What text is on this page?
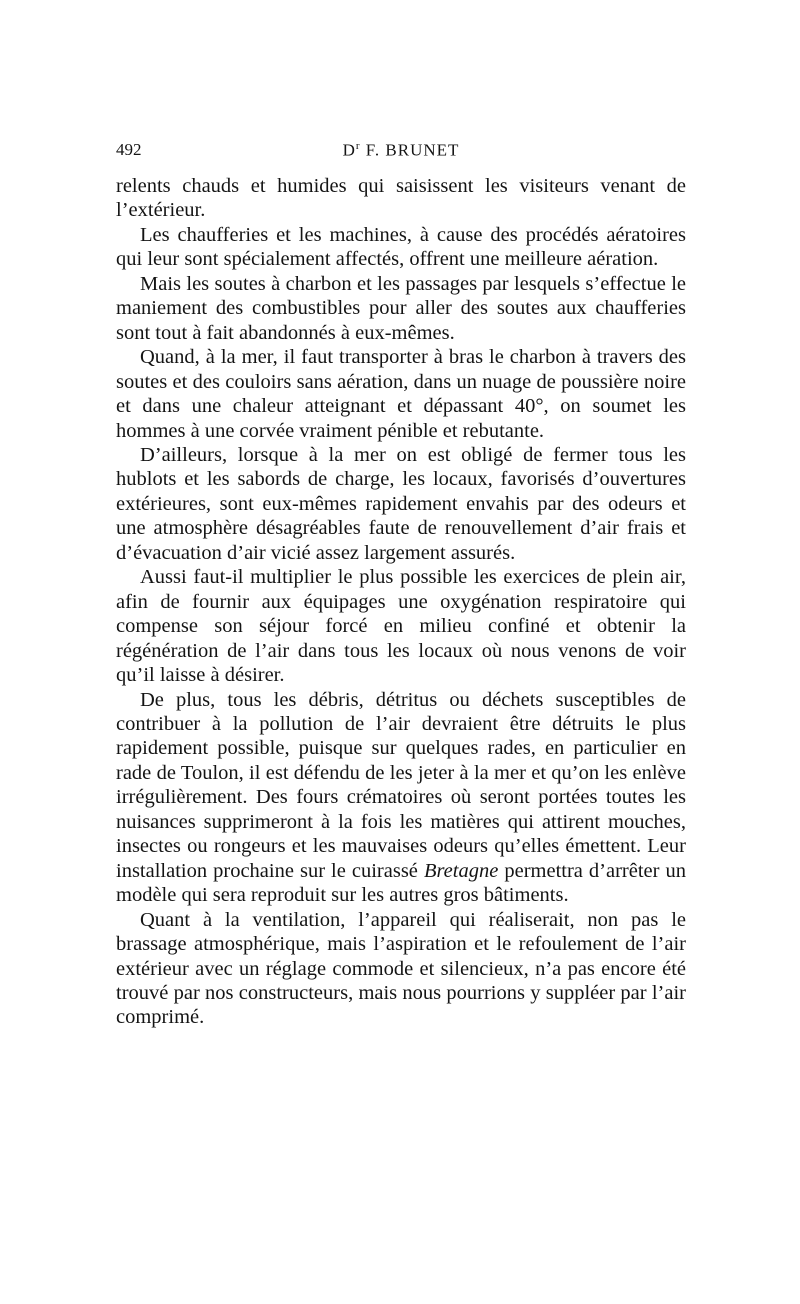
492	$D^r$ F. BRUNET

relents chauds et humides qui saisissent les visiteurs venant de l’extérieur.

Les chaufferies et les machines, à cause des procédés aératoires qui leur sont spécialement affectés, offrent une meilleure aération.

Mais les soutes à charbon et les passages par lesquels s’effectue le maniement des combustibles pour aller des soutes aux chaufferies sont tout à fait abandonnés à eux-mêmes.

Quand, à la mer, il faut transporter à bras le charbon à travers des soutes et des couloirs sans aération, dans un nuage de poussière noire et dans une chaleur atteignant et dépassant 40°, on soumet les hommes à une corvée vraiment pénible et rebutante.

D’ailleurs, lorsque à la mer on est obligé de fermer tous les hublots et les sabords de charge, les locaux, favorisés d’ouvertures extérieures, sont eux-mêmes rapidement envahis par des odeurs et une atmosphère désagréables faute de renouvellement d’air frais et d’évacuation d’air vicié assez largement assurés.

Aussi faut-il multiplier le plus possible les exercices de plein air, afin de fournir aux équipages une oxygénation respiratoire qui compense son séjour forcé en milieu confiné et obtenir la régénération de l’air dans tous les locaux où nous venons de voir qu’il laisse à désirer.

De plus, tous les débris, détritus ou déchets susceptibles de contribuer à la pollution de l’air devraient être détruits le plus rapidement possible, puisque sur quelques rades, en particulier en rade de Toulon, il est défendu de les jeter à la mer et qu’on les enlève irrégulièrement. Des fours crématoires où seront portées toutes les nuisances supprimeront à la fois les matières qui attirent mouches, insectes ou rongeurs et les mauvaises odeurs qu’elles émettent. Leur installation prochaine sur le cuirassé Bretagne permettra d’arrêter un modèle qui sera reproduit sur les autres gros bâtiments.

Quant à la ventilation, l’appareil qui réaliserait, non pas le brassage atmosphérique, mais l’aspiration et le refoulement de l’air extérieur avec un réglage commode et silencieux, n’a pas encore été trouvé par nos constructeurs, mais nous pourrions y suppléer par l’air comprimé.
